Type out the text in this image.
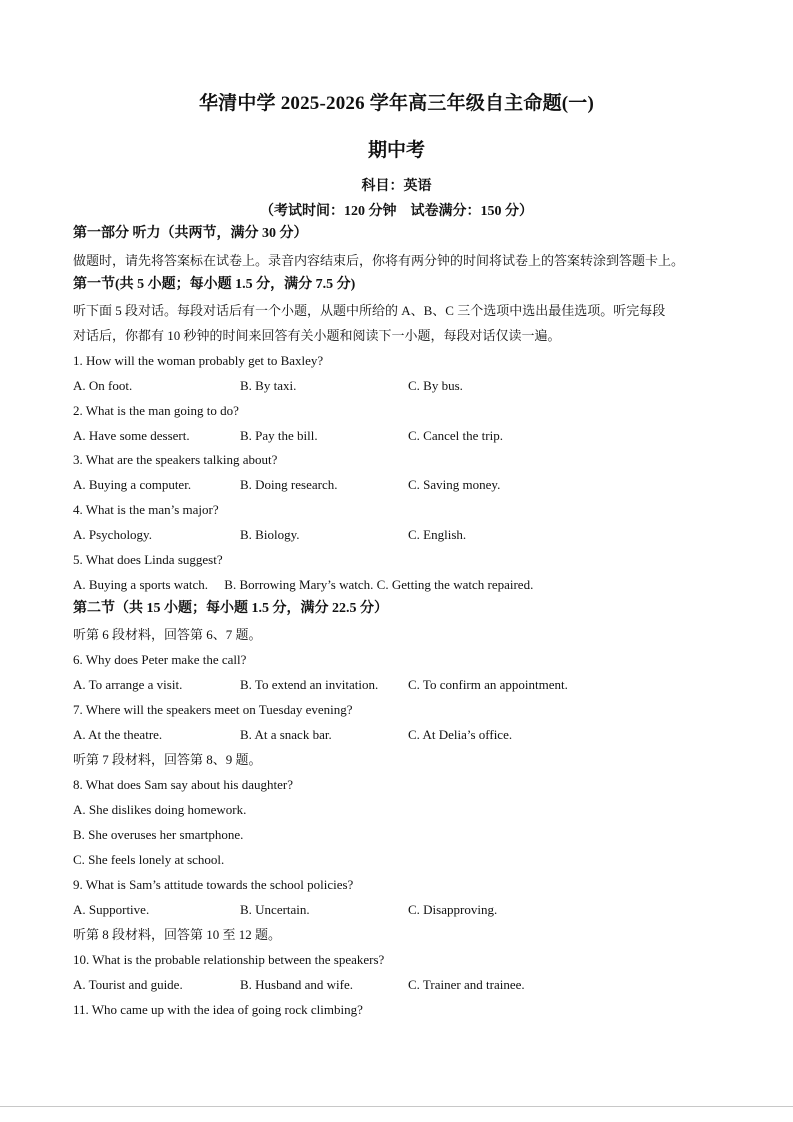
华清中学 2025-2026 学年高三年级自主命题(一)
期中考
科目：英语
（考试时间：120 分钟　试卷满分：150 分）
第一部分 听力（共两节，满分 30 分）
做题时，请先将答案标在试卷上。录音内容结束后，你将有两分钟的时间将试卷上的答案转涂到答题卡上。
第一节(共 5 小题；每小题 1.5 分，满分 7.5 分)
听下面 5 段对话。每段对话后有一个小题，从题中所给的 A、B、C 三个选项中选出最佳选项。听完每段
对话后，你都有 10 秒钟的时间来回答有关小题和阅读下一小题，每段对话仅读一遍。
1. How will the woman probably get to Baxley?
A. On foot.	B. By taxi.	C. By bus.
2. What is the man going to do?
A. Have some dessert.	B. Pay the bill.	C. Cancel the trip.
3. What are the speakers talking about?
A. Buying a computer.	B. Doing research.	C. Saving money.
4. What is the man’s major?
A. Psychology.	B. Biology.	C. English.
5. What does Linda suggest?
A. Buying a sports watch.     B. Borrowing Mary’s watch. C. Getting the watch repaired.
第二节（共 15 小题；每小题 1.5 分，满分 22.5 分）
听第 6 段材料，回答第 6、7 题。
6. Why does Peter make the call?
A. To arrange a visit.	B. To extend an invitation. C. To confirm an appointment.
7. Where will the speakers meet on Tuesday evening?
A. At the theatre.	B. At a snack bar.	C. At Delia’s office.
听第 7 段材料，回答第 8、9 题。
8. What does Sam say about his daughter?
A. She dislikes doing homework.
B. She overuses her smartphone.
C. She feels lonely at school.
9. What is Sam’s attitude towards the school policies?
A. Supportive.	B. Uncertain.	C. Disapproving.
听第 8 段材料，回答第 10 至 12 题。
10. What is the probable relationship between the speakers?
A. Tourist and guide.	B. Husband and wife.	C. Trainer and trainee.
11. Who came up with the idea of going rock climbing?
